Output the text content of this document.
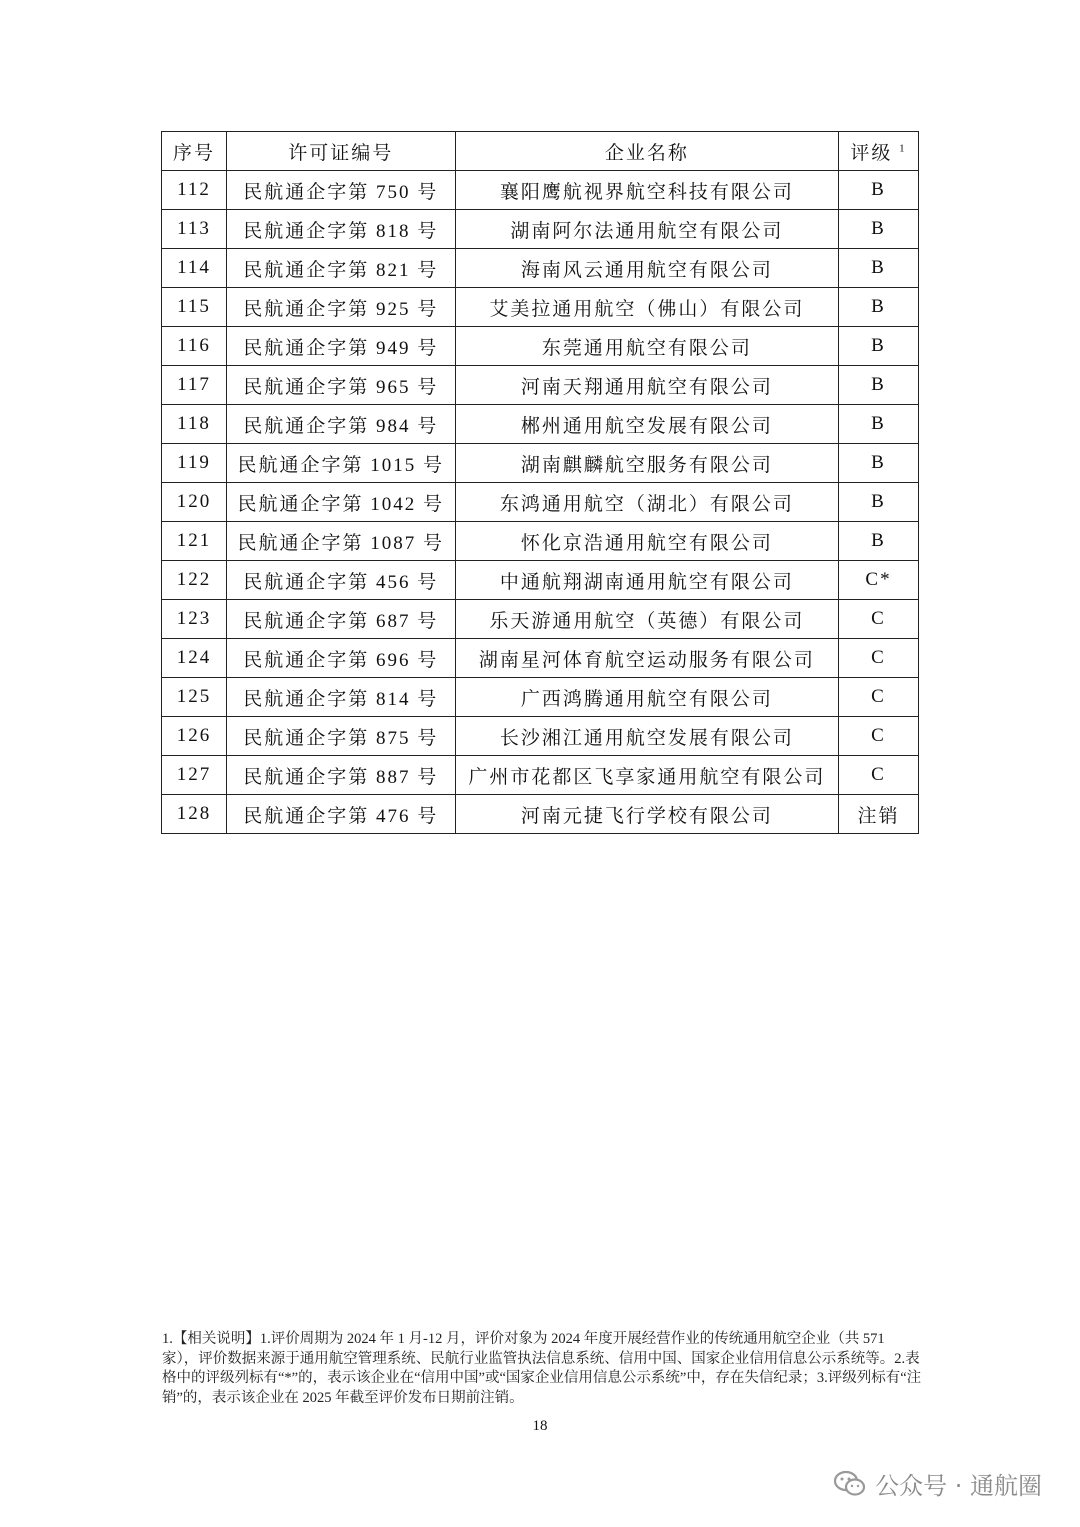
序号	许可证编号	企业名称	评级 $^1$
112	民航通企字第 750 号	襄阳鹰航视界航空科技有限公司	B
113	民航通企字第 818 号	湖南阿尔法通用航空有限公司	B
114	民航通企字第 821 号	海南风云通用航空有限公司	B
115	民航通企字第 925 号	艾美拉通用航空（佛山）有限公司	B
116	民航通企字第 949 号	东莞通用航空有限公司	B
117	民航通企字第 965 号	河南天翔通用航空有限公司	B
118	民航通企字第 984 号	郴州通用航空发展有限公司	B
119	民航通企字第 1015 号	湖南麒麟航空服务有限公司	B
120	民航通企字第 1042 号	东鸿通用航空（湖北）有限公司	B
121	民航通企字第 1087 号	怀化京浩通用航空有限公司	B
122	民航通企字第 456 号	中通航翔湖南通用航空有限公司	C*
123	民航通企字第 687 号	乐天游通用航空（英德）有限公司	C
124	民航通企字第 696 号	湖南星河体育航空运动服务有限公司	C
125	民航通企字第 814 号	广西鸿腾通用航空有限公司	C
126	民航通企字第 875 号	长沙湘江通用航空发展有限公司	C
127	民航通企字第 887 号	广州市花都区飞享家通用航空有限公司	C
128	民航通企字第 476 号	河南元捷飞行学校有限公司	注销
1.【相关说明】1.评价周期为 2024 年 1 月-12 月，评价对象为 2024 年度开展经营作业的传统通用航空企业（共 571 家），评价数据来源于通用航空管理系统、民航行业监管执法信息系统、信用中国、国家企业信用信息公示系统等。2.表格中的评级列标有“*”的，表示该企业在“信用中国”或“国家企业信用信息公示系统”中，存在失信纪录；3.评级列标有“注销”的，表示该企业在 2025 年截至评价发布日期前注销。
18
公众号 · 通航圈
